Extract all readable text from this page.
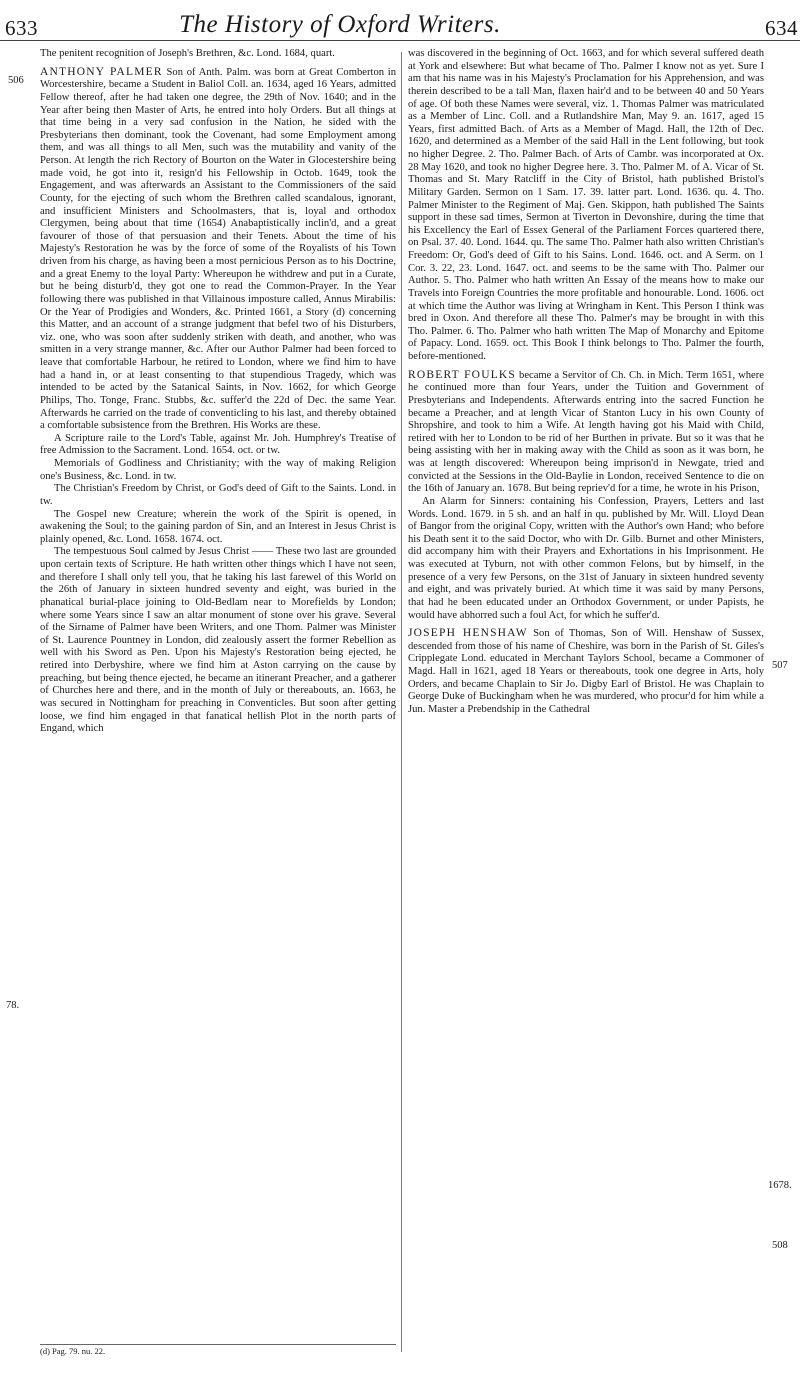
633	The History of Oxford Writers.	634

The penitent recognition of Joseph's Brethren, &c. Lond. 1684, quart.

ANTHONY PALMER Son of Anth. Palm. was born at Great Comberton in Worcestershire, became a Student in Baliol Coll. an. 1634, aged 16 Years, admitted Fellow thereof, after he had taken one degree, the 29th of Nov. 1640; and in the Year after being then Master of Arts, he entred into holy Orders. But all things at that time being in a very sad confusion in the Nation, he sided with the Presbyterians then dominant, took the Covenant, had some Employment among them, and was all things to all Men, such was the mutability and vanity of the Person. At length the rich Rectory of Bourton on the Water in Glocestershire being made void, he got into it, resign'd his Fellowship in Octob. 1649, took the Engagement, and was afterwards an Assistant to the Commissioners of the said County, for the ejecting of such whom the Brethren called scandalous, ignorant, and insufficient Ministers and Schoolmasters, that is, loyal and orthodox Clergymen, being about that time (1654) Anabaptistically inclin'd, and a great favourer of those of that persuasion and their Tenets. About the time of his Majesty's Restoration he was by the force of some of the Royalists of his Town driven from his charge, as having been a most pernicious Person as to his Doctrine, and a great Enemy to the loyal Party: Whereupon he withdrew and put in a Curate, but he being disturb'd, they got one to read the Common-Prayer. In the Year following there was published in that Villainous imposture called, Annus Mirabilis: Or the Year of Prodigies and Wonders, &c. Printed 1661, a Story (d) concerning this Matter, and an account of a strange judgment that befel two of his Disturbers, viz. one, who was soon after suddenly striken with death, and another, who was smitten in a very strange manner, &c. After our Author Palmer had been forced to leave that comfortable Harbour, he retired to London, where we find him to have had a hand in, or at least consenting to that stupendious Tragedy, which was intended to be acted by the Satanical Saints, in Nov. 1662, for which George Philips, Tho. Tonge, Franc. Stubbs, &c. suffer'd the 22d of Dec. the same Year. Afterwards he carried on the trade of conventicling to his last, and thereby obtained a comfortable subsistence from the Brethren. His Works are these.

A Scripture raile to the Lord's Table, against Mr. Joh. Humphrey's Treatise of free Admission to the Sacrament. Lond. 1654. oct. or tw.

Memorials of Godliness and Christianity; with the way of making Religion one's Business, &c. Lond. in tw.

The Christian's Freedom by Christ, or God's deed of Gift to the Saints. Lond. in tw.

The Gospel new Creature; wherein the work of the Spirit is opened, in awakening the Soul; to the gaining pardon of Sin, and an Interest in Jesus Christ is plainly opened, &c. Lond. 1658. 1674. oct.

The tempestuous Soul calmed by Jesus Christ —— These two last are grounded upon certain texts of Scripture. He hath written other things which I have not seen, and therefore I shall only tell you, that he taking his last farewel of this World on the 26th of January in sixteen hundred seventy and eight, was buried in the phanatical burial-place joining to Old-Bedlam near to Morefields by London; where some Years since I saw an altar monument of stone over his grave. Several of the Sirname of Palmer have been Writers, and one Thom. Palmer was Minister of St. Laurence Pountney in London, did zealously assert the former Rebellion as well with his Sword as Pen. Upon his Majesty's Restoration being ejected, he retired into Derbyshire, where we find him at Aston carrying on the cause by preaching, but being thence ejected, he became an itinerant Preacher, and a gatherer of Churches here and there, and in the month of July or thereabouts, an. 1663, he was secured in Nottingham for preaching in Conventicles. But soon after getting loose, we find him engaged in that fanatical hellish Plot in the north parts of Engand, which

506
78.
(d) Pag. 79. nu. 22.

was discovered in the beginning of Oct. 1663, and for which several suffered death at York and elsewhere: But what became of Tho. Palmer I know not as yet. Sure I am that his name was in his Majesty's Proclamation for his Apprehension, and was therein described to be a tall Man, flaxen hair'd and to be between 40 and 50 Years of age. Of both these Names were several, viz. 1. Thomas Palmer was matriculated as a Member of Linc. Coll. and a Rutlandshire Man, May 9. an. 1617, aged 15 Years, first admitted Bach. of Arts as a Member of Magd. Hall, the 12th of Dec. 1620, and determined as a Member of the said Hall in the Lent following, but took no higher Degree. 2. Tho. Palmer Bach. of Arts of Cambr. was incorporated at Ox. 28 May 1620, and took no higher Degree here. 3. Tho. Palmer M. of A. Vicar of St. Thomas and St. Mary Ratcliff in the City of Bristol, hath published Bristol's Military Garden. Sermon on 1 Sam. 17. 39. latter part. Lond. 1636. qu. 4. Tho. Palmer Minister to the Regiment of Maj. Gen. Skippon, hath published The Saints support in these sad times, Sermon at Tiverton in Devonshire, during the time that his Excellency the Earl of Essex General of the Parliament Forces quartered there, on Psal. 37. 40. Lond. 1644. qu. The same Tho. Palmer hath also written Christian's Freedom: Or, God's deed of Gift to his Sains. Lond. 1646. oct. and A Serm. on 1 Cor. 3. 22, 23. Lond. 1647. oct. and seems to be the same with Tho. Palmer our Author. 5. Tho. Palmer who hath written An Essay of the means how to make our Travels into Foreign Countries the more profitable and honourable. Lond. 1606. oct at which time the Author was living at Wringham in Kent. This Person I think was bred in Oxon. And therefore all these Tho. Palmer's may be brought in with this Tho. Palmer. 6. Tho. Palmer who hath written The Map of Monarchy and Epitome of Papacy. Lond. 1659. oct. This Book I think belongs to Tho. Palmer the fourth, before-mentioned.

ROBERT FOULKS became a Servitor of Ch. Ch. in Mich. Term 1651, where he continued more than four Years, under the Tuition and Government of Presbyterians and Independents. Afterwards entring into the sacred Function he became a Preacher, and at length Vicar of Stanton Lucy in his own County of Shropshire, and took to him a Wife. At length having got his Maid with Child, retired with her to London to be rid of her Burthen in private. But so it was that he being assisting with her in making away with the Child as soon as it was born, he was at length discovered: Whereupon being imprison'd in Newgate, tried and convicted at the Sessions in the Old-Baylie in London, received Sentence to die on the 16th of January an. 1678. But being repriev'd for a time, he wrote in his Prison,

An Alarm for Sinners: containing his Confession, Prayers, Letters and last Words. Lond. 1679. in 5 sh. and an half in qu. published by Mr. Will. Lloyd Dean of Bangor from the original Copy, written with the Author's own Hand; who before his Death sent it to the said Doctor, who with Dr. Gilb. Burnet and other Ministers, did accompany him with their Prayers and Exhortations in his Imprisonment. He was executed at Tyburn, not with other common Felons, but by himself, in the presence of a very few Persons, on the 31st of January in sixteen hundred seventy and eight, and was privately buried. At which time it was said by many Persons, that had he been educated under an Orthodox Government, or under Papists, he would have abhorred such a foul Act, for which he suffer'd.

JOSEPH HENSHAW Son of Thomas, Son of Will. Henshaw of Sussex, descended from those of his name of Cheshire, was born in the Parish of St. Giles's Cripplegate Lond. educated in Merchant Taylors School, became a Commoner of Magd. Hall in 1621, aged 18 Years or thereabouts, took one degree in Arts, holy Orders, and became Chaplain to Sir Jo. Digby Earl of Bristol. He was Chaplain to George Duke of Buckingham when he was murdered, who procur'd for him while a Jun. Master a Prebendship in the Cathedral

507
1678.
508
